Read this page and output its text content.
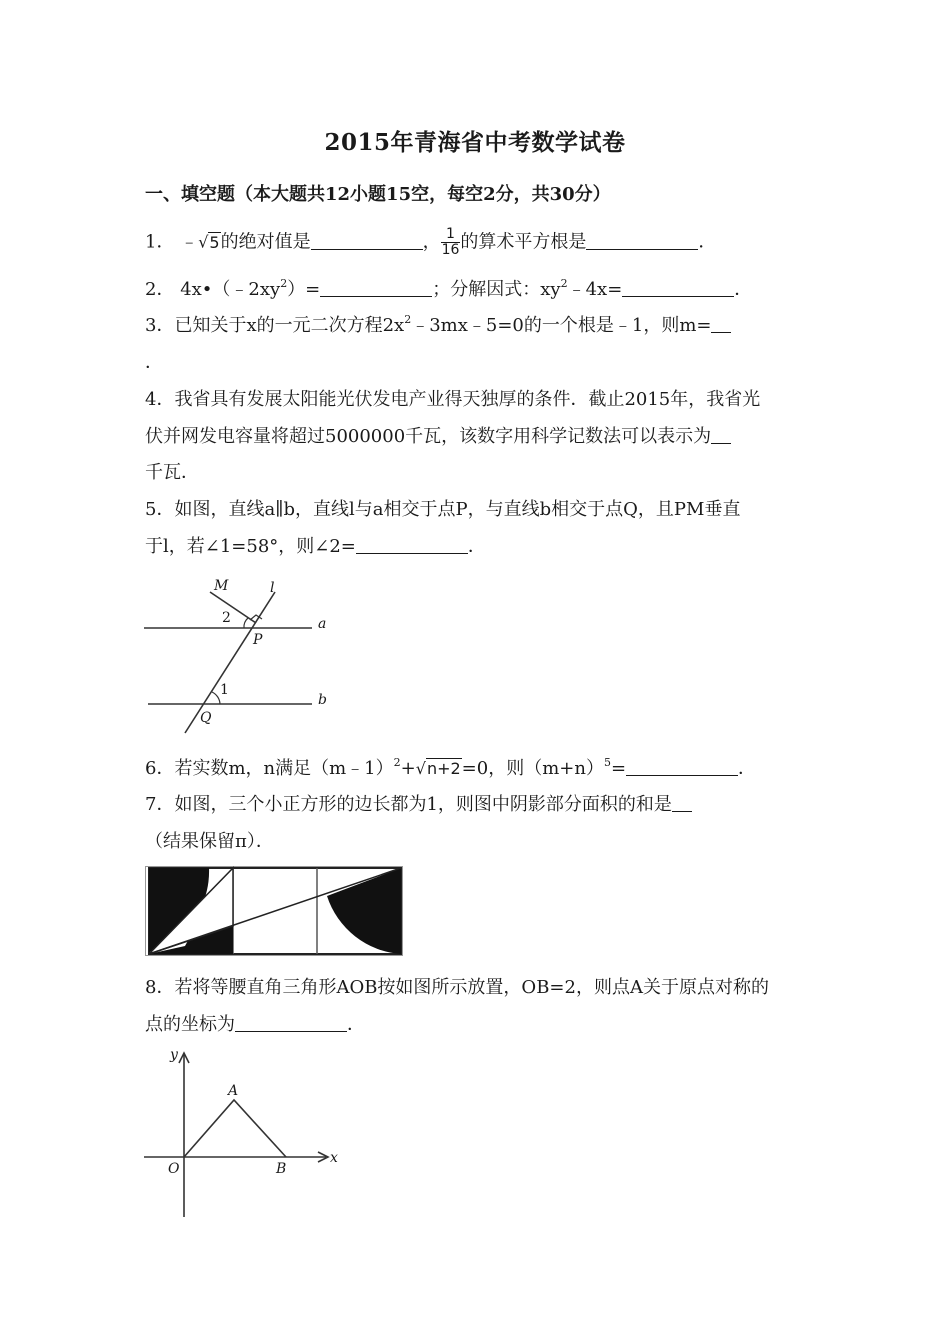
2015年青海省中考数学试卷
一、填空题（本大题共12小题15空，每空2分，共30分）
1． ﹣√5的绝对值是	， $\frac{1}{16}$ 的算术平方根是	．
2． $4x•(﹣2xy^2)=$	；分解因式：$xy^2﹣4x=$	．
3．已知关于x的一元二次方程$2x^2﹣3mx﹣5=0$的一个根是﹣1，则m=
．
4．我省具有发展太阳能光伏发电产业得天独厚的条件．截止2015年，我省光
伏并网发电容量将超过5000000千瓦，该数字用科学记数法可以表示为
千瓦．
5．如图，直线a∥b，直线l与a相交于点P，与直线b相交于点Q，且PM垂直
于l，若∠1=58°，则∠2=	．
M	l
a
b
P
Q
1
2
6．若实数m，n满足（m﹣1）$^2$+√n+2=0，则$(m+n)^5=$	．
7．如图，三个小正方形的边长都为1，则图中阴影部分面积的和是
（结果保留π）．
8．若将等腰直角三角形AOB按如图所示放置，OB=2，则点A关于原点对称的
点的坐标为	．
y
x
O
A
B
